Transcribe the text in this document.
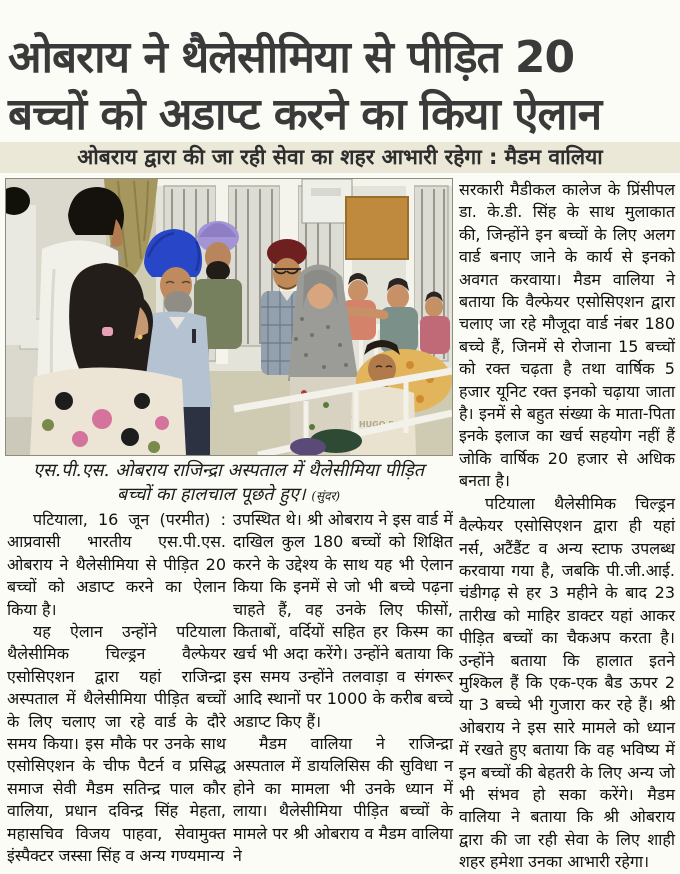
ओबराय ने थैलेसीमिया से पीड़ित 20
बच्चों को अडाप्ट करने का किया ऐलान
ओबराय द्वारा की जा रही सेवा का शहर आभारी रहेगा : मैडम वालिया
HUGO BOS
एस.पी.एस. ओबराय राजिन्द्रा अस्पताल में थैलेसीमिया पीड़ित
बच्चों का हालचाल पूछते हुए। (सुंदर)

पटियाला, 16 जून (परमीत) : आप्रवासी भारतीय एस.पी.एस. ओबराय ने थैलेसीमिया से पीड़ित 20 बच्चों को अडाप्ट करने का ऐलान किया है।

यह ऐलान उन्होंने पटियाला थैलेसीमिक चिल्ड्रन वैल्फेयर एसोसिएशन द्वारा यहां राजिन्द्रा अस्पताल में थैलेसीमिया पीड़ित बच्चों के लिए चलाए जा रहे वार्ड के दौरे समय किया। इस मौके पर उनके साथ एसोसिएशन के चीफ पैटर्न व प्रसिद्ध समाज सेवी मैडम सतिन्द्र पाल कौर वालिया, प्रधान दविन्द्र सिंह मेहता, महासचिव विजय पाहवा, सेवामुक्त इंस्पैक्टर जस्सा सिंह व अन्य गण्यमान्य

उपस्थित थे। श्री ओबराय ने इस वार्ड में दाखिल कुल 180 बच्चों को शिक्षित करने के उद्देश्य के साथ यह भी ऐलान किया कि इनमें से जो भी बच्चे पढ़ना चाहते हैं, वह उनके लिए फीसों, किताबों, वर्दियों सहित हर किस्म का खर्च भी अदा करेंगे। उन्होंने बताया कि इस समय उन्होंने तलवाड़ा व संगरूर आदि स्थानों पर 1000 के करीब बच्चे अडाप्ट किए हैं।

मैडम वालिया ने राजिन्द्रा अस्पताल में डायलिसिस की सुविधा न होने का मामला भी उनके ध्यान में लाया। थैलेसीमिया पीड़ित बच्चों के मामले पर श्री ओबराय व मैडम वालिया ने

सरकारी मैडीकल कालेज के प्रिंसीपल डा. के.डी. सिंह के साथ मुलाकात की, जिन्होंने इन बच्चों के लिए अलग वार्ड बनाए जाने के कार्य से इनको अवगत करवाया। मैडम वालिया ने बताया कि वैल्फेयर एसोसिएशन द्वारा चलाए जा रहे मौजूदा वार्ड नंबर 180 बच्चे हैं, जिनमें से रोजाना 15 बच्चों को रक्त चढ़ता है तथा वार्षिक 5 हजार यूनिट रक्त इनको चढ़ाया जाता है। इनमें से बहुत संख्या के माता-पिता इनके इलाज का खर्च सहयोग नहीं हैं जोकि वार्षिक 20 हजार से अधिक बनता है।

पटियाला थैलेसीमिक चिल्ड्रन वैल्फेयर एसोसिएशन द्वारा ही यहां नर्स, अटैंडैंट व अन्य स्टाफ उपलब्ध करवाया गया है, जबकि पी.जी.आई. चंडीगढ़ से हर 3 महीने के बाद 23 तारीख को माहिर डाक्टर यहां आकर पीड़ित बच्चों का चैकअप करता है। उन्होंने बताया कि हालात इतने मुश्किल हैं कि एक-एक बैड ऊपर 2 या 3 बच्चे भी गुजारा कर रहे हैं। श्री ओबराय ने इस सारे मामले को ध्यान में रखते हुए बताया कि वह भविष्य में इन बच्चों की बेहतरी के लिए अन्य जो भी संभव हो सका करेंगे। मैडम वालिया ने बताया कि श्री ओबराय द्वारा की जा रही सेवा के लिए शाही शहर हमेशा उनका आभारी रहेगा।
